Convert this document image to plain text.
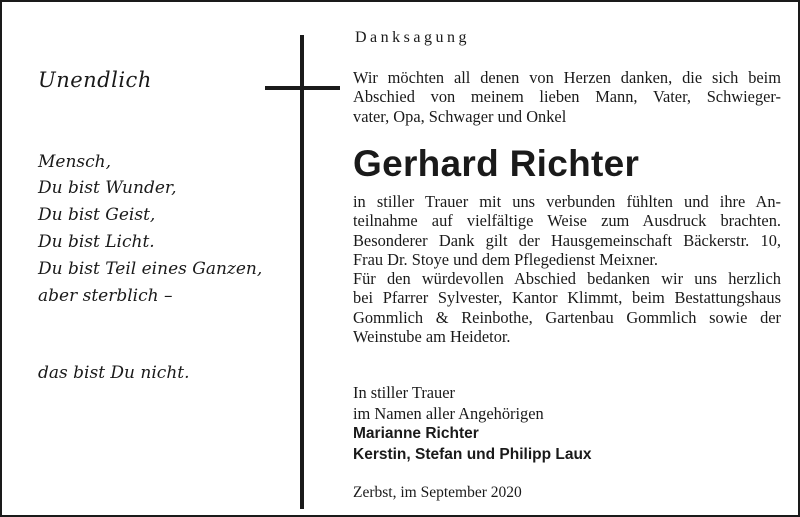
Unendlich
Mensch,
Du bist Wunder,
Du bist Geist,
Du bist Licht.
Du bist Teil eines Ganzen,
aber sterblich –
das bist Du nicht.
Danksagung
Wir möchten all denen von Herzen danken, die sich beim
Abschied von meinem lieben Mann, Vater, Schwieger-
vater, Opa, Schwager und Onkel
Gerhard Richter
in stiller Trauer mit uns verbunden fühlten und ihre An-
teilnahme auf vielfältige Weise zum Ausdruck brachten.
Besonderer Dank gilt der Hausgemeinschaft Bäckerstr. 10,
Frau Dr. Stoye und dem Pflegedienst Meixner.
Für den würdevollen Abschied bedanken wir uns herzlich
bei Pfarrer Sylvester, Kantor Klimmt, beim Bestattungshaus
Gommlich & Reinbothe, Gartenbau Gommlich sowie der
Weinstube am Heidetor.
In stiller Trauer
im Namen aller Angehörigen
Marianne Richter
Kerstin, Stefan und Philipp Laux
Zerbst, im September 2020
